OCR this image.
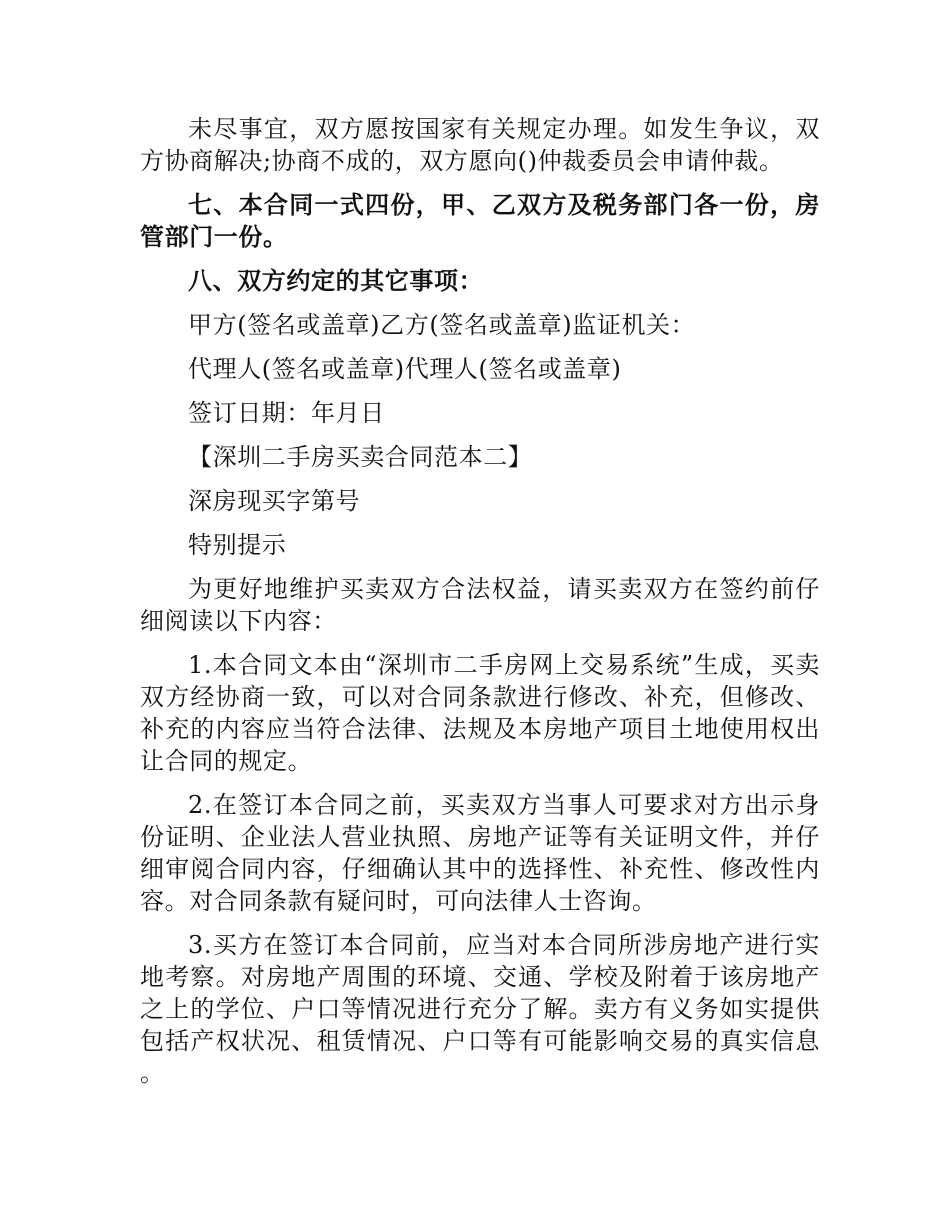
未尽事宜，双方愿按国家有关规定办理。如发生争议，双方协商解决;协商不成的，双方愿向()仲裁委员会申请仲裁。

七、本合同一式四份，甲、乙双方及税务部门各一份，房管部门一份。

八、双方约定的其它事项：

甲方(签名或盖章)乙方(签名或盖章)监证机关：

代理人(签名或盖章)代理人(签名或盖章)

签订日期：年月日

【深圳二手房买卖合同范本二】

深房现买字第号

特别提示

为更好地维护买卖双方合法权益，请买卖双方在签约前仔细阅读以下内容：

1.本合同文本由“深圳市二手房网上交易系统”生成，买卖双方经协商一致，可以对合同条款进行修改、补充，但修改、补充的内容应当符合法律、法规及本房地产项目土地使用权出让合同的规定。

2.在签订本合同之前，买卖双方当事人可要求对方出示身份证明、企业法人营业执照、房地产证等有关证明文件，并仔细审阅合同内容，仔细确认其中的选择性、补充性、修改性内容。对合同条款有疑问时，可向法律人士咨询。

3.买方在签订本合同前，应当对本合同所涉房地产进行实地考察。对房地产周围的环境、交通、学校及附着于该房地产之上的学位、户口等情况进行充分了解。卖方有义务如实提供包括产权状况、租赁情况、户口等有可能影响交易的真实信息。
